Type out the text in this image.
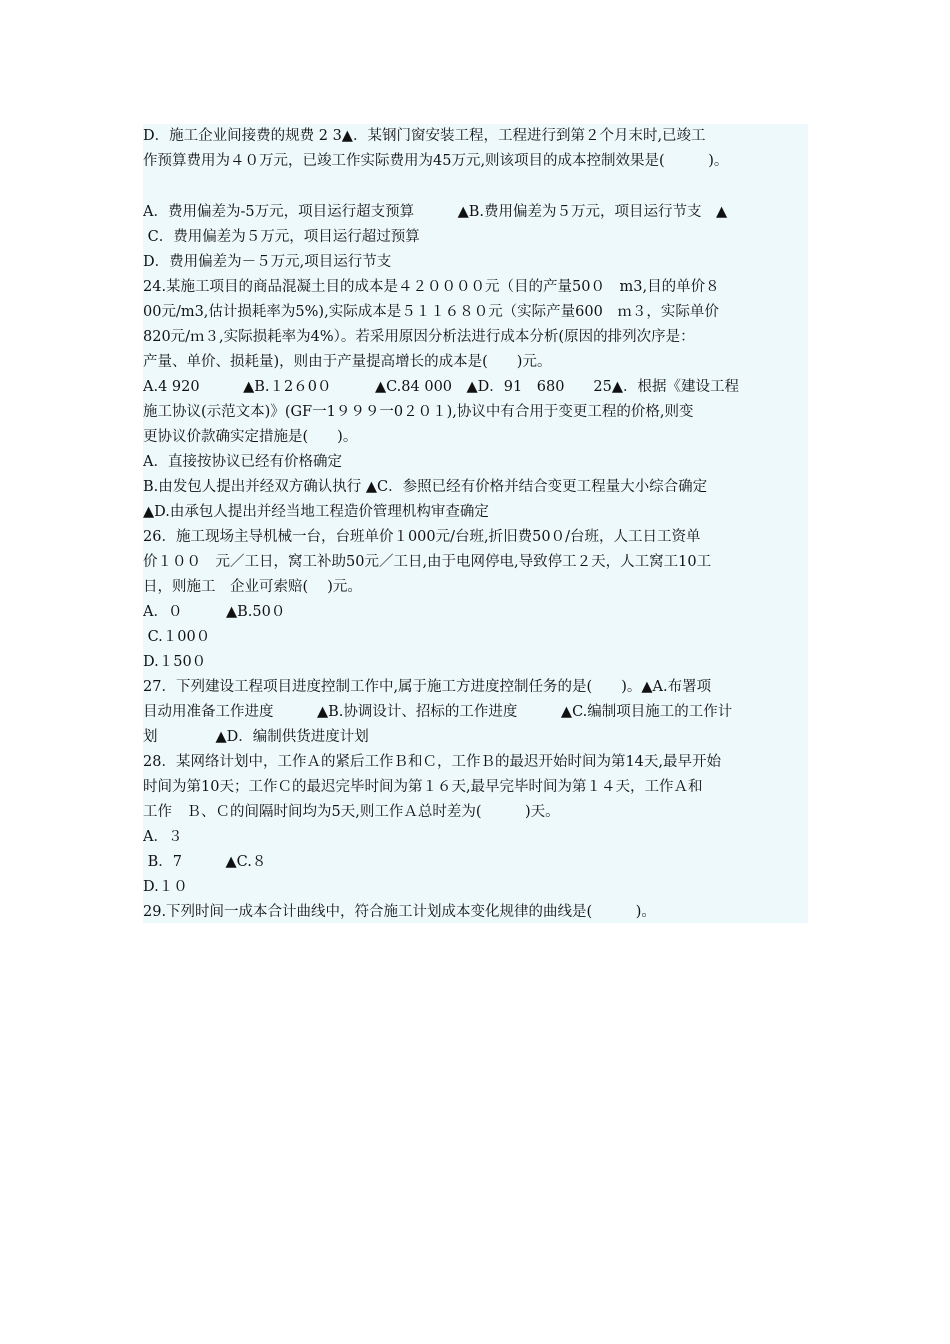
D．施工企业间接费的规费 2 3▲．某钢门窗安装工程，工程进行到第２个月末时,已竣工
作预算费用为４０万元，已竣工作实际费用为45万元,则该项目的成本控制效果是(　　　)。
A．费用偏差为-5万元，项目运行超支预算　　　▲B.费用偏差为５万元，项目运行节支　▲
C．费用偏差为５万元，项目运行超过预算
D．费用偏差为－５万元,项目运行节支
24.某施工项目的商品混凝土目的成本是４２００００元（目的产量50０　m3,目的单价８
00元/m3,估计损耗率为5%),实际成本是５１１６８０元（实际产量600　ｍ３，实际单价
820元/ｍ３,实际损耗率为4%）。若采用原因分析法进行成本分析(原因的排列次序是：
产量、单价、损耗量)，则由于产量提高增长的成本是(　　)元。
A.4 920　　　▲B.１2６0０　　　▲C.84 000　▲D．91　680　　25▲．根据《建设工程
施工协议(示范文本)》(GF一1９９９一0２０１),协议中有合用于变更工程的价格,则变
更协议价款确实定措施是(　　)。
A．直接按协议已经有价格确定
B.由发包人提出并经双方确认执行 ▲C．参照已经有价格并结合变更工程量大小综合确定
▲D.由承包人提出并经当地工程造价管理机构审查确定
26．施工现场主导机械一台，台班单价１000元/台班,折旧费50０/台班，人工日工资单
价１００　元／工日，窝工补助50元／工日,由于电网停电,导致停工２天，人工窝工10工
日，则施工　企业可索赔(　 )元。
A．０　　　▲B.50０
C.１00０
D.１50０
27．下列建设工程项目进度控制工作中,属于施工方进度控制任务的是(　　)。▲A.布署项
目动用准备工作进度　　　▲B.协调设计、招标的工作进度　　　▲C.编制项目施工的工作计
划　　　　▲D．编制供货进度计划
28．某网络计划中，工作Ａ的紧后工作Ｂ和Ｃ，工作Ｂ的最迟开始时间为第14天,最早开始
时间为第10天；工作Ｃ的最迟完毕时间为第１６天,最早完毕时间为第１４天，工作Ａ和
工作　Ｂ、Ｃ的间隔时间均为5天,则工作Ａ总时差为(　　　)天。
A．３
B．7　　　▲C.８
D.１０
29.下列时间一成本合计曲线中，符合施工计划成本变化规律的曲线是(　　　)。
